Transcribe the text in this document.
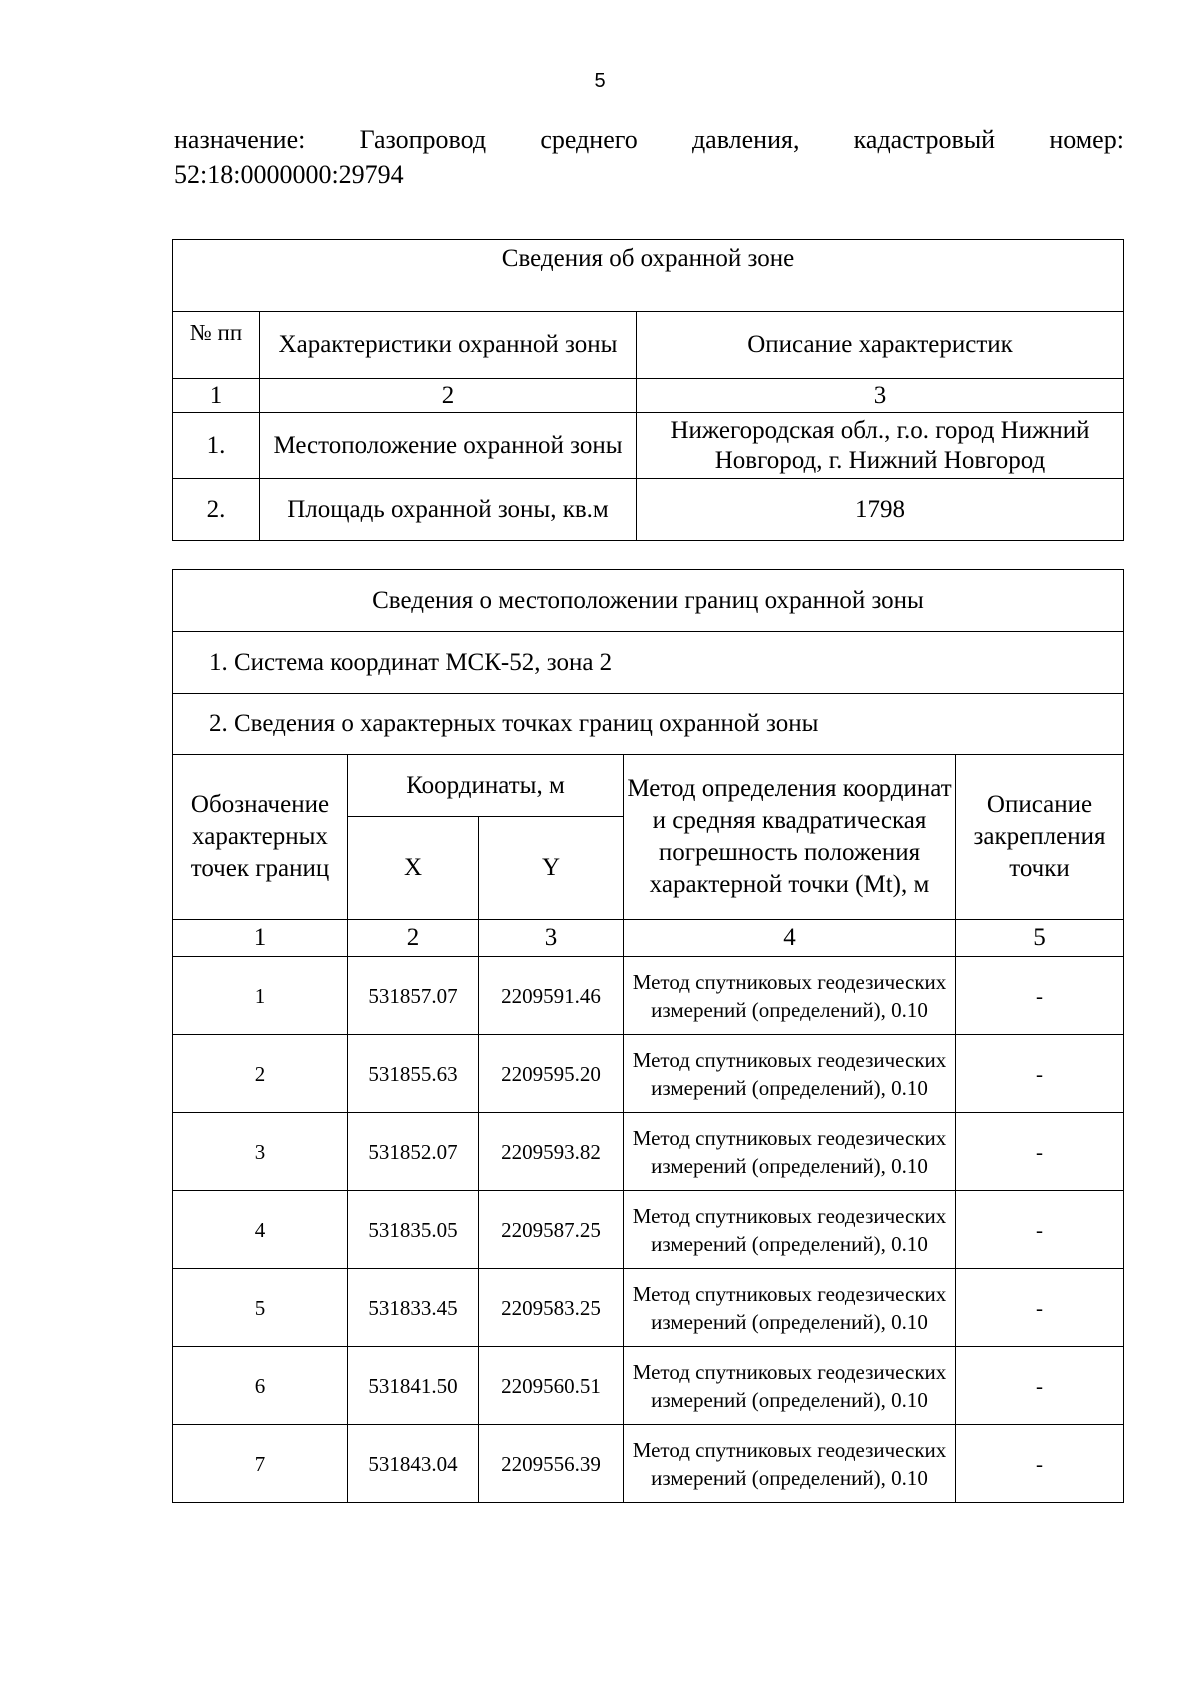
5
назначение: Газопровод среднего давления, кадастровый номер:
52:18:0000000:29794
Сведения об охранной зоне		
№ пп	Характеристики охранной зоны	Описание характеристик
1	2	3
1.	Местоположение охранной зоны	Нижегородская обл., г.о. город Нижний Новгород, г. Нижний Новгород
2.	Площадь охранной зоны, кв.м	1798
Сведения о местоположении границ охранной зоны				
1. Система координат МСК-52, зона 2				
2. Сведения о характерных точках границ охранной зоны				
Обозначение характерных точек границ	Координаты, м		Метод определения координат и средняя квадратическая погрешность положения характерной точки (Mt), м	Описание закрепления точки
	X	Y		
1	2	3	4	5
1	531857.07	2209591.46	Метод спутниковых геодезических измерений (определений), 0.10	-
2	531855.63	2209595.20	Метод спутниковых геодезических измерений (определений), 0.10	-
3	531852.07	2209593.82	Метод спутниковых геодезических измерений (определений), 0.10	-
4	531835.05	2209587.25	Метод спутниковых геодезических измерений (определений), 0.10	-
5	531833.45	2209583.25	Метод спутниковых геодезических измерений (определений), 0.10	-
6	531841.50	2209560.51	Метод спутниковых геодезических измерений (определений), 0.10	-
7	531843.04	2209556.39	Метод спутниковых геодезических измерений (определений), 0.10	-
